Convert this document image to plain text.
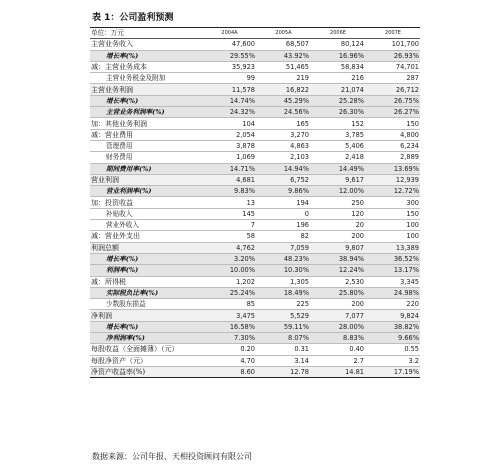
表 1：公司盈利预测
单位：万元	2004A	2005A	2006E	2007E
主营业务收入	47,600	68,507	80,124	101,700
增长率(%)	29.55%	43.92%	16.96%	26.93%
减：主营业务成本	35,923	51,465	58,834	74,701
主营业务税金及附加	99	219	216	287
主营业务利润	11,578	16,822	21,074	26,712
增长率(%)	14.74%	45.29%	25.28%	26.75%
主营业务利润率(%)	24.32%	24.56%	26.30%	26.27%
加：其他业务利润	104	165	152	150
减：营业费用	2,054	3,270	3,785	4,800
管理费用	3,878	4,863	5,406	6,234
财务费用	1,069	2,103	2,418	2,889
期间费用率(%)	14.71%	14.94%	14.49%	13.69%
营业利润	4,681	6,752	9,617	12,939
营业利润率(%)	9.83%	9.86%	12.00%	12.72%
加：投资收益	13	194	250	300
补贴收入	145	0	120	150
营业外收入	7	196	20	100
减：营业外支出	58	82	200	100
利润总额	4,762	7,059	9,807	13,389
增长率(%)	3.20%	48.23%	38.94%	36.52%
利润率(%)	10.00%	10.30%	12.24%	13.17%
减：所得税	1,202	1,305	2,530	3,345
实际税负比率(%)	25.24%	18.49%	25.80%	24.98%
少数股东损益	85	225	200	220
净利润	3,475	5,529	7,077	9,824
增长率(%)	16.58%	59.11%	28.00%	38.82%
净利润率(%)	7.30%	8.07%	8.83%	9.66%
每股收益（全面摊薄）（元）	0.20	0.31	0.40	0.55
每股净资产（元）	4.70	3.14	2.7	3.2
净资产收益率(%)	8.60	12.78	14.81	17.19%
数据来源：公司年报、天相投资顾问有限公司
